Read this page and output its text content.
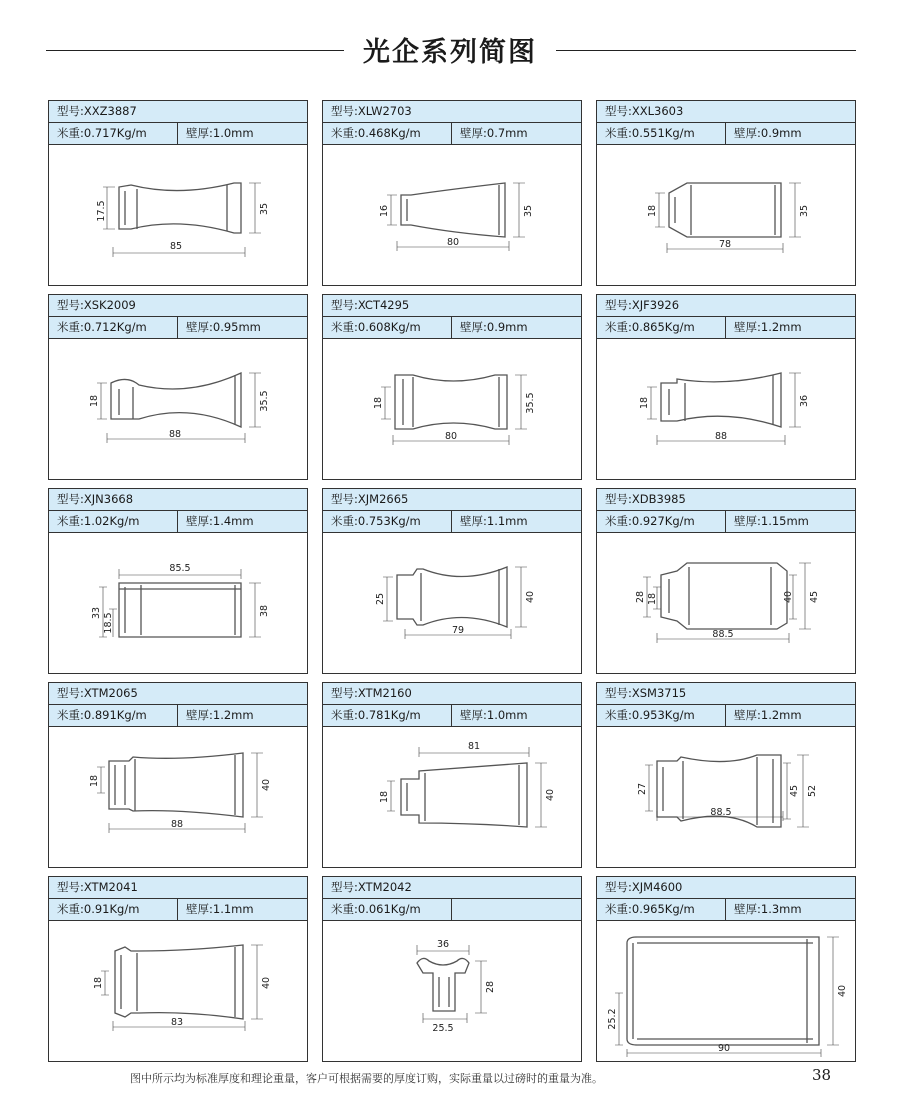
光企系列简图
型号:XXZ3887
米重:0.717Kg/m	壁厚:1.0mm
17.5	35
85
型号:XLW2703
米重:0.468Kg/m	壁厚:0.7mm
16	35
80
型号:XXL3603
米重:0.551Kg/m	壁厚:0.9mm
18	35
78
型号:XSK2009
米重:0.712Kg/m	壁厚:0.95mm
18	35.5
88
型号:XCT4295
米重:0.608Kg/m	壁厚:0.9mm
18	35.5
80
型号:XJF3926
米重:0.865Kg/m	壁厚:1.2mm
18	36
88
型号:XJN3668
米重:1.02Kg/m	壁厚:1.4mm
85.5
33 18.5
38
型号:XJM2665
米重:0.753Kg/m	壁厚:1.1mm
25	40
79
型号:XDB3985
米重:0.927Kg/m	壁厚:1.15mm
28 18	40 45
88.5
型号:XTM2065
米重:0.891Kg/m	壁厚:1.2mm
18	40
88
型号:XTM2160
米重:0.781Kg/m	壁厚:1.0mm
81
18	40
型号:XSM3715
米重:0.953Kg/m	壁厚:1.2mm
27	45 52
88.5
型号:XTM2041
米重:0.91Kg/m	壁厚:1.1mm
18	40
83
型号:XTM2042
米重:0.061Kg/m
36
28
25.5
型号:XJM4600
米重:0.965Kg/m	壁厚:1.3mm
25.2
40
90
图中所示均为标准厚度和理论重量，客户可根据需要的厚度订购，实际重量以过磅时的重量为准。	38
